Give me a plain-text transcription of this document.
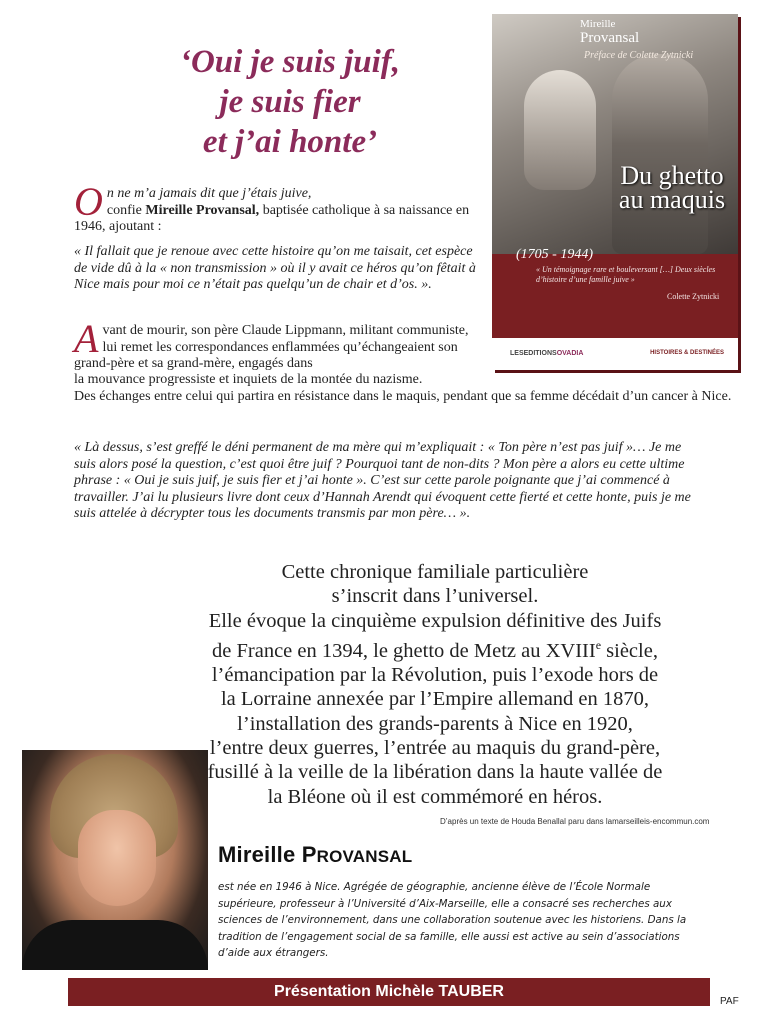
‘Oui je suis juif,
je suis fier
et j’ai honte’
Mireille
Provansal
Préface de Colette Zytnicki
Du ghetto au maquis
(1705 - 1944)
« Un témoignage rare et bouleversant […] Deux siècles d’histoire d’une famille juive »
Colette Zytnicki
LESEDITIONSOVADIA	HISTOIRES & DESTINÉES
On ne m’a jamais dit que j’étais juive,
confie Mireille Provansal, baptisée catholique à sa naissance en 1946, ajoutant :
« Il fallait que je renoue avec cette histoire qu’on me taisait, cet espèce de vide dû à la « non transmission » où il y avait ce héros qu’on fêtait à Nice mais pour moi ce n’était pas quelqu’un de chair et d’os. ».
Avant de mourir, son père Claude Lippmann, militant communiste, lui remet les correspondances enflammées qu’échangeaient son grand-père et sa grand-mère, engagés dans
la mouvance progressiste et inquiets de la montée du nazisme.
Des échanges entre celui qui partira en résistance dans le maquis, pendant que sa femme décédait d’un cancer à Nice.
« Là dessus, s’est greffé le déni permanent de ma mère qui m’expliquait : « Ton père n’est pas juif »… Je me suis alors posé la question, c’est quoi être juif ? Pourquoi tant de non-dits ? Mon père a alors eu cette ultime phrase : « Oui je suis juif, je suis fier et j’ai honte ». C’est sur cette parole poignante que j’ai commencé à travailler. J’ai lu plusieurs livre dont ceux d’Hannah Arendt qui évoquent cette fierté et cette honte, puis je me suis attelée à décrypter tous les documents transmis par mon père… ».
Cette chronique familiale particulière
s’inscrit dans l’universel.
Elle évoque la cinquième expulsion définitive des Juifs
de France en 1394, le ghetto de Metz au XVIIIe siècle,
l’émancipation par la Révolution, puis l’exode hors de
la Lorraine annexée par l’Empire allemand en 1870,
l’installation des grands-parents à Nice en 1920,
l’entre deux guerres, l’entrée au maquis du grand-père,
fusillé à la veille de la libération dans la haute vallée de
la Bléone où il est commémoré en héros.
D’après un texte de Houda Benallal paru dans lamarseilleis-encommun.com
Mireille PROVANSAL
est née en 1946 à Nice. Agrégée de géographie, ancienne élève de l’École Normale supérieure, professeur à l’Université d’Aix-Marseille, elle a consacré ses recherches aux sciences de l’environnement, dans une collaboration soutenue avec les historiens. Dans la tradition de l’engagement social de sa famille, elle aussi est active au sein d’associations d’aide aux étrangers.
Présentation Michèle TAUBER
PAF
